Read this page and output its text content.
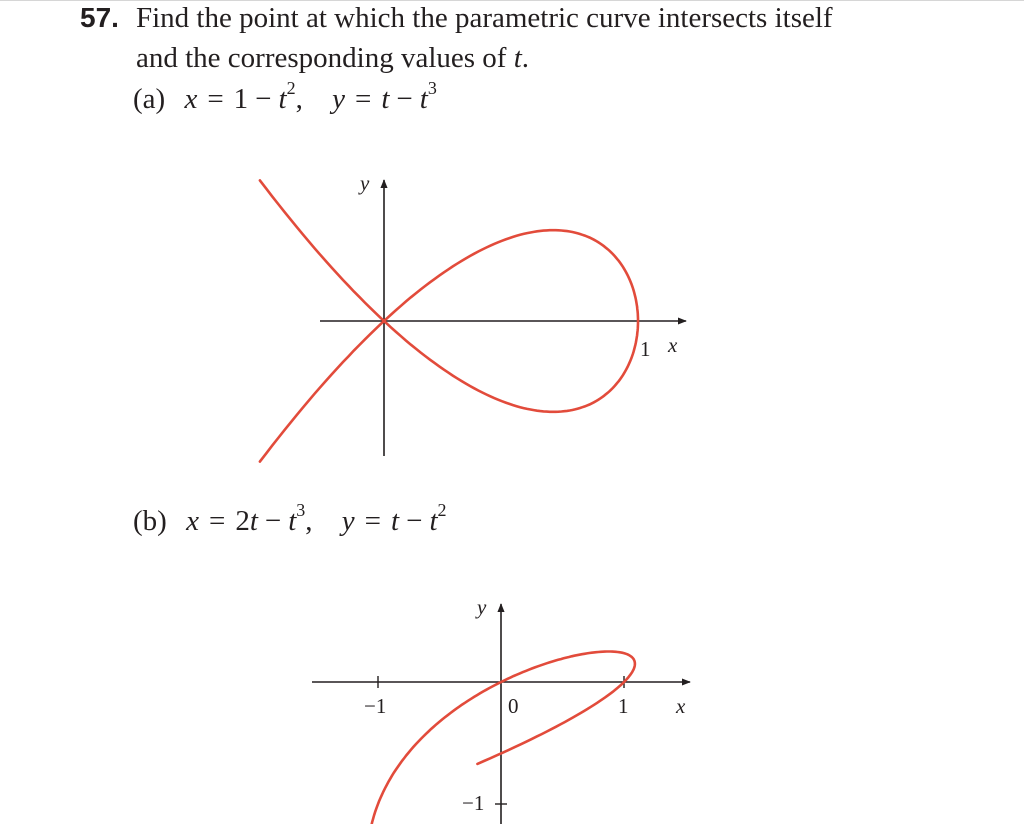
57. Find the point at which the parametric curve intersects itself
and the corresponding values of t.
(a) $x = 1 - t^2$, $y = t - t^3$
(b) $x = 2t - t^3$, $y = t - t^2$
y
x
1
y
x
−1	0	1
−1
